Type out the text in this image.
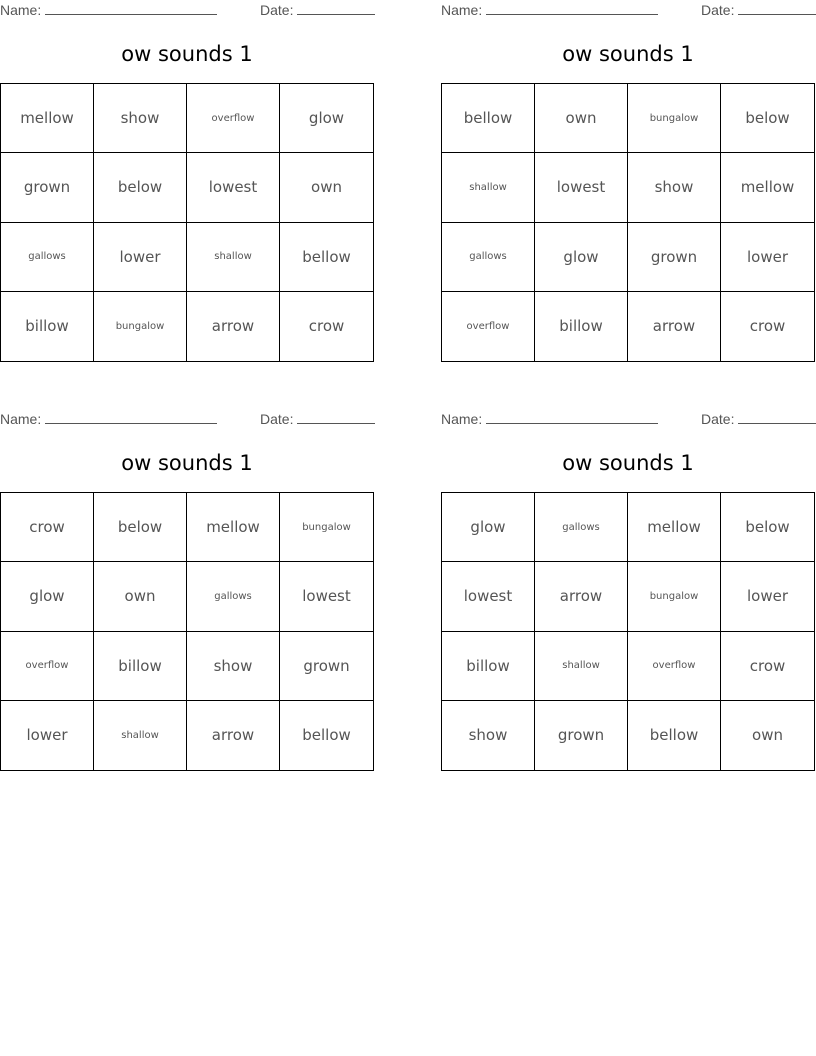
Name:	Date:
ow sounds 1
mellow	show	overflow	glow
grown	below	lowest	own
gallows	lower	shallow	bellow
billow	bungalow	arrow	crow
Name:	Date:
ow sounds 1
bellow	own	bungalow	below
shallow	lowest	show	mellow
gallows	glow	grown	lower
overflow	billow	arrow	crow
Name:	Date:
ow sounds 1
crow	below	mellow	bungalow
glow	own	gallows	lowest
overflow	billow	show	grown
lower	shallow	arrow	bellow
Name:	Date:
ow sounds 1
glow	gallows	mellow	below
lowest	arrow	bungalow	lower
billow	shallow	overflow	crow
show	grown	bellow	own
